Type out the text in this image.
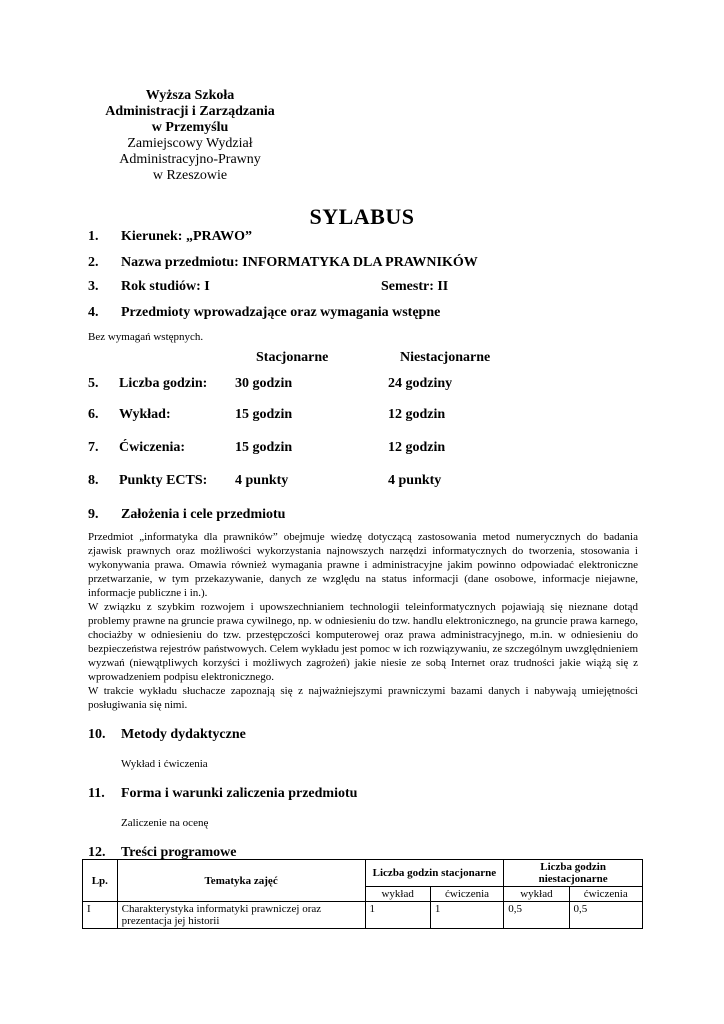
Wyższa Szkoła
Administracji i Zarządzania
w Przemyślu
Zamiejscowy Wydział
Administracyjno-Prawny
w Rzeszowie
SYLABUS
1. Kierunek: „PRAWO”
2. Nazwa przedmiotu: INFORMATYKA DLA PRAWNIKÓW
3. Rok studiów: I	Semestr: II
4. Przedmioty wprowadzające oraz wymagania wstępne
Bez wymagań wstępnych.
Stacjonarne	Niestacjonarne
5. Liczba godzin: 30 godzin	24 godziny
6. Wykład:	15 godzin	12 godzin
7. Ćwiczenia:	15 godzin	12 godzin
8. Punkty ECTS: 4 punkty	4 punkty
9. Założenia i cele przedmiotu

Przedmiot „informatyka dla prawników” obejmuje wiedzę dotyczącą zastosowania metod numerycznych do badania zjawisk prawnych oraz możliwości wykorzystania najnowszych narzędzi informatycznych do tworzenia, stosowania i wykonywania prawa. Omawia również wymagania prawne i administracyjne jakim powinno odpowiadać elektroniczne przetwarzanie, w tym przekazywanie, danych ze względu na status informacji (dane osobowe, informacje niejawne, informacje publiczne i in.).

W związku z szybkim rozwojem i upowszechnianiem technologii teleinformatycznych pojawiają się nieznane dotąd problemy prawne na gruncie prawa cywilnego, np. w odniesieniu do tzw. handlu elektronicznego, na gruncie prawa karnego, chociażby w odniesieniu do tzw. przestępczości komputerowej oraz prawa administracyjnego, m.in. w odniesieniu do bezpieczeństwa rejestrów państwowych. Celem wykładu jest pomoc w ich rozwiązywaniu, ze szczególnym uwzględnieniem wyzwań (niewątpliwych korzyści i możliwych zagrożeń) jakie niesie ze sobą Internet oraz trudności jakie wiążą się z wprowadzeniem podpisu elektronicznego.

W trakcie wykładu słuchacze zapoznają się z najważniejszymi prawniczymi bazami danych i nabywają umiejętności posługiwania się nimi.

10. Metody dydaktyczne
Wykład i ćwiczenia
11. Forma i warunki zaliczenia przedmiotu
Zaliczenie na ocenę
12. Treści programowe
Lp.	Tematyka zajęć	Liczba godzin stacjonarne		Liczba godzin niestacjonarne	
		wykład	ćwiczenia	wykład	ćwiczenia
I	Charakterystyka informatyki prawniczej oraz prezentacja jej historii	1	1	0,5	0,5
